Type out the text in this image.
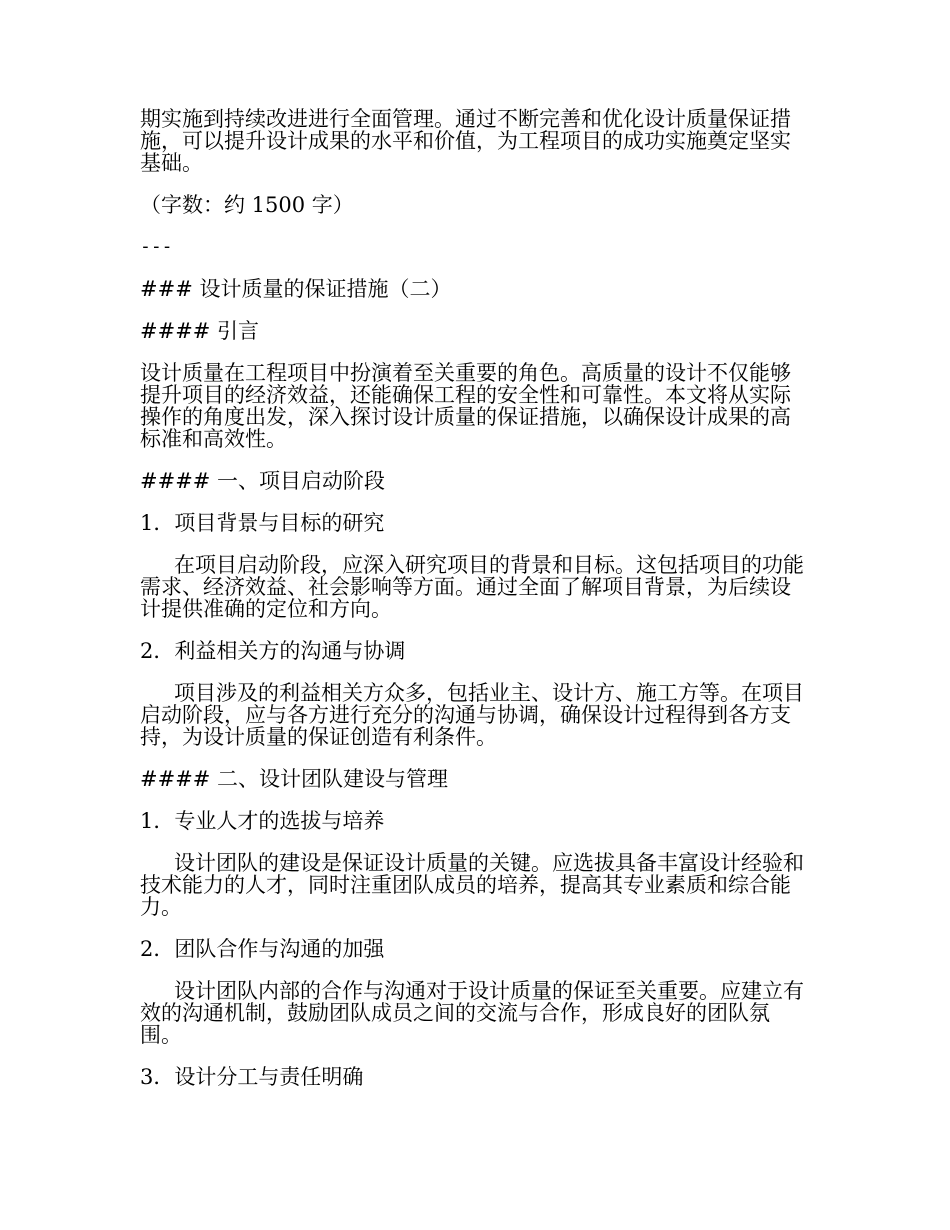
期实施到持续改进进行全面管理。通过不断完善和优化设计质量保证措施，可以提升设计成果的水平和价值，为工程项目的成功实施奠定坚实基础。

（字数：约 1500 字）

---

### 设计质量的保证措施（二）

#### 引言

设计质量在工程项目中扮演着至关重要的角色。高质量的设计不仅能够提升项目的经济效益，还能确保工程的安全性和可靠性。本文将从实际操作的角度出发，深入探讨设计质量的保证措施，以确保设计成果的高标准和高效性。

#### 一、项目启动阶段

1．项目背景与目标的研究

在项目启动阶段，应深入研究项目的背景和目标。这包括项目的功能需求、经济效益、社会影响等方面。通过全面了解项目背景，为后续设计提供准确的定位和方向。

2．利益相关方的沟通与协调

项目涉及的利益相关方众多，包括业主、设计方、施工方等。在项目启动阶段，应与各方进行充分的沟通与协调，确保设计过程得到各方支持，为设计质量的保证创造有利条件。

#### 二、设计团队建设与管理

1．专业人才的选拔与培养

设计团队的建设是保证设计质量的关键。应选拔具备丰富设计经验和技术能力的人才，同时注重团队成员的培养，提高其专业素质和综合能力。

2．团队合作与沟通的加强

设计团队内部的合作与沟通对于设计质量的保证至关重要。应建立有效的沟通机制，鼓励团队成员之间的交流与合作，形成良好的团队氛围。

3．设计分工与责任明确
